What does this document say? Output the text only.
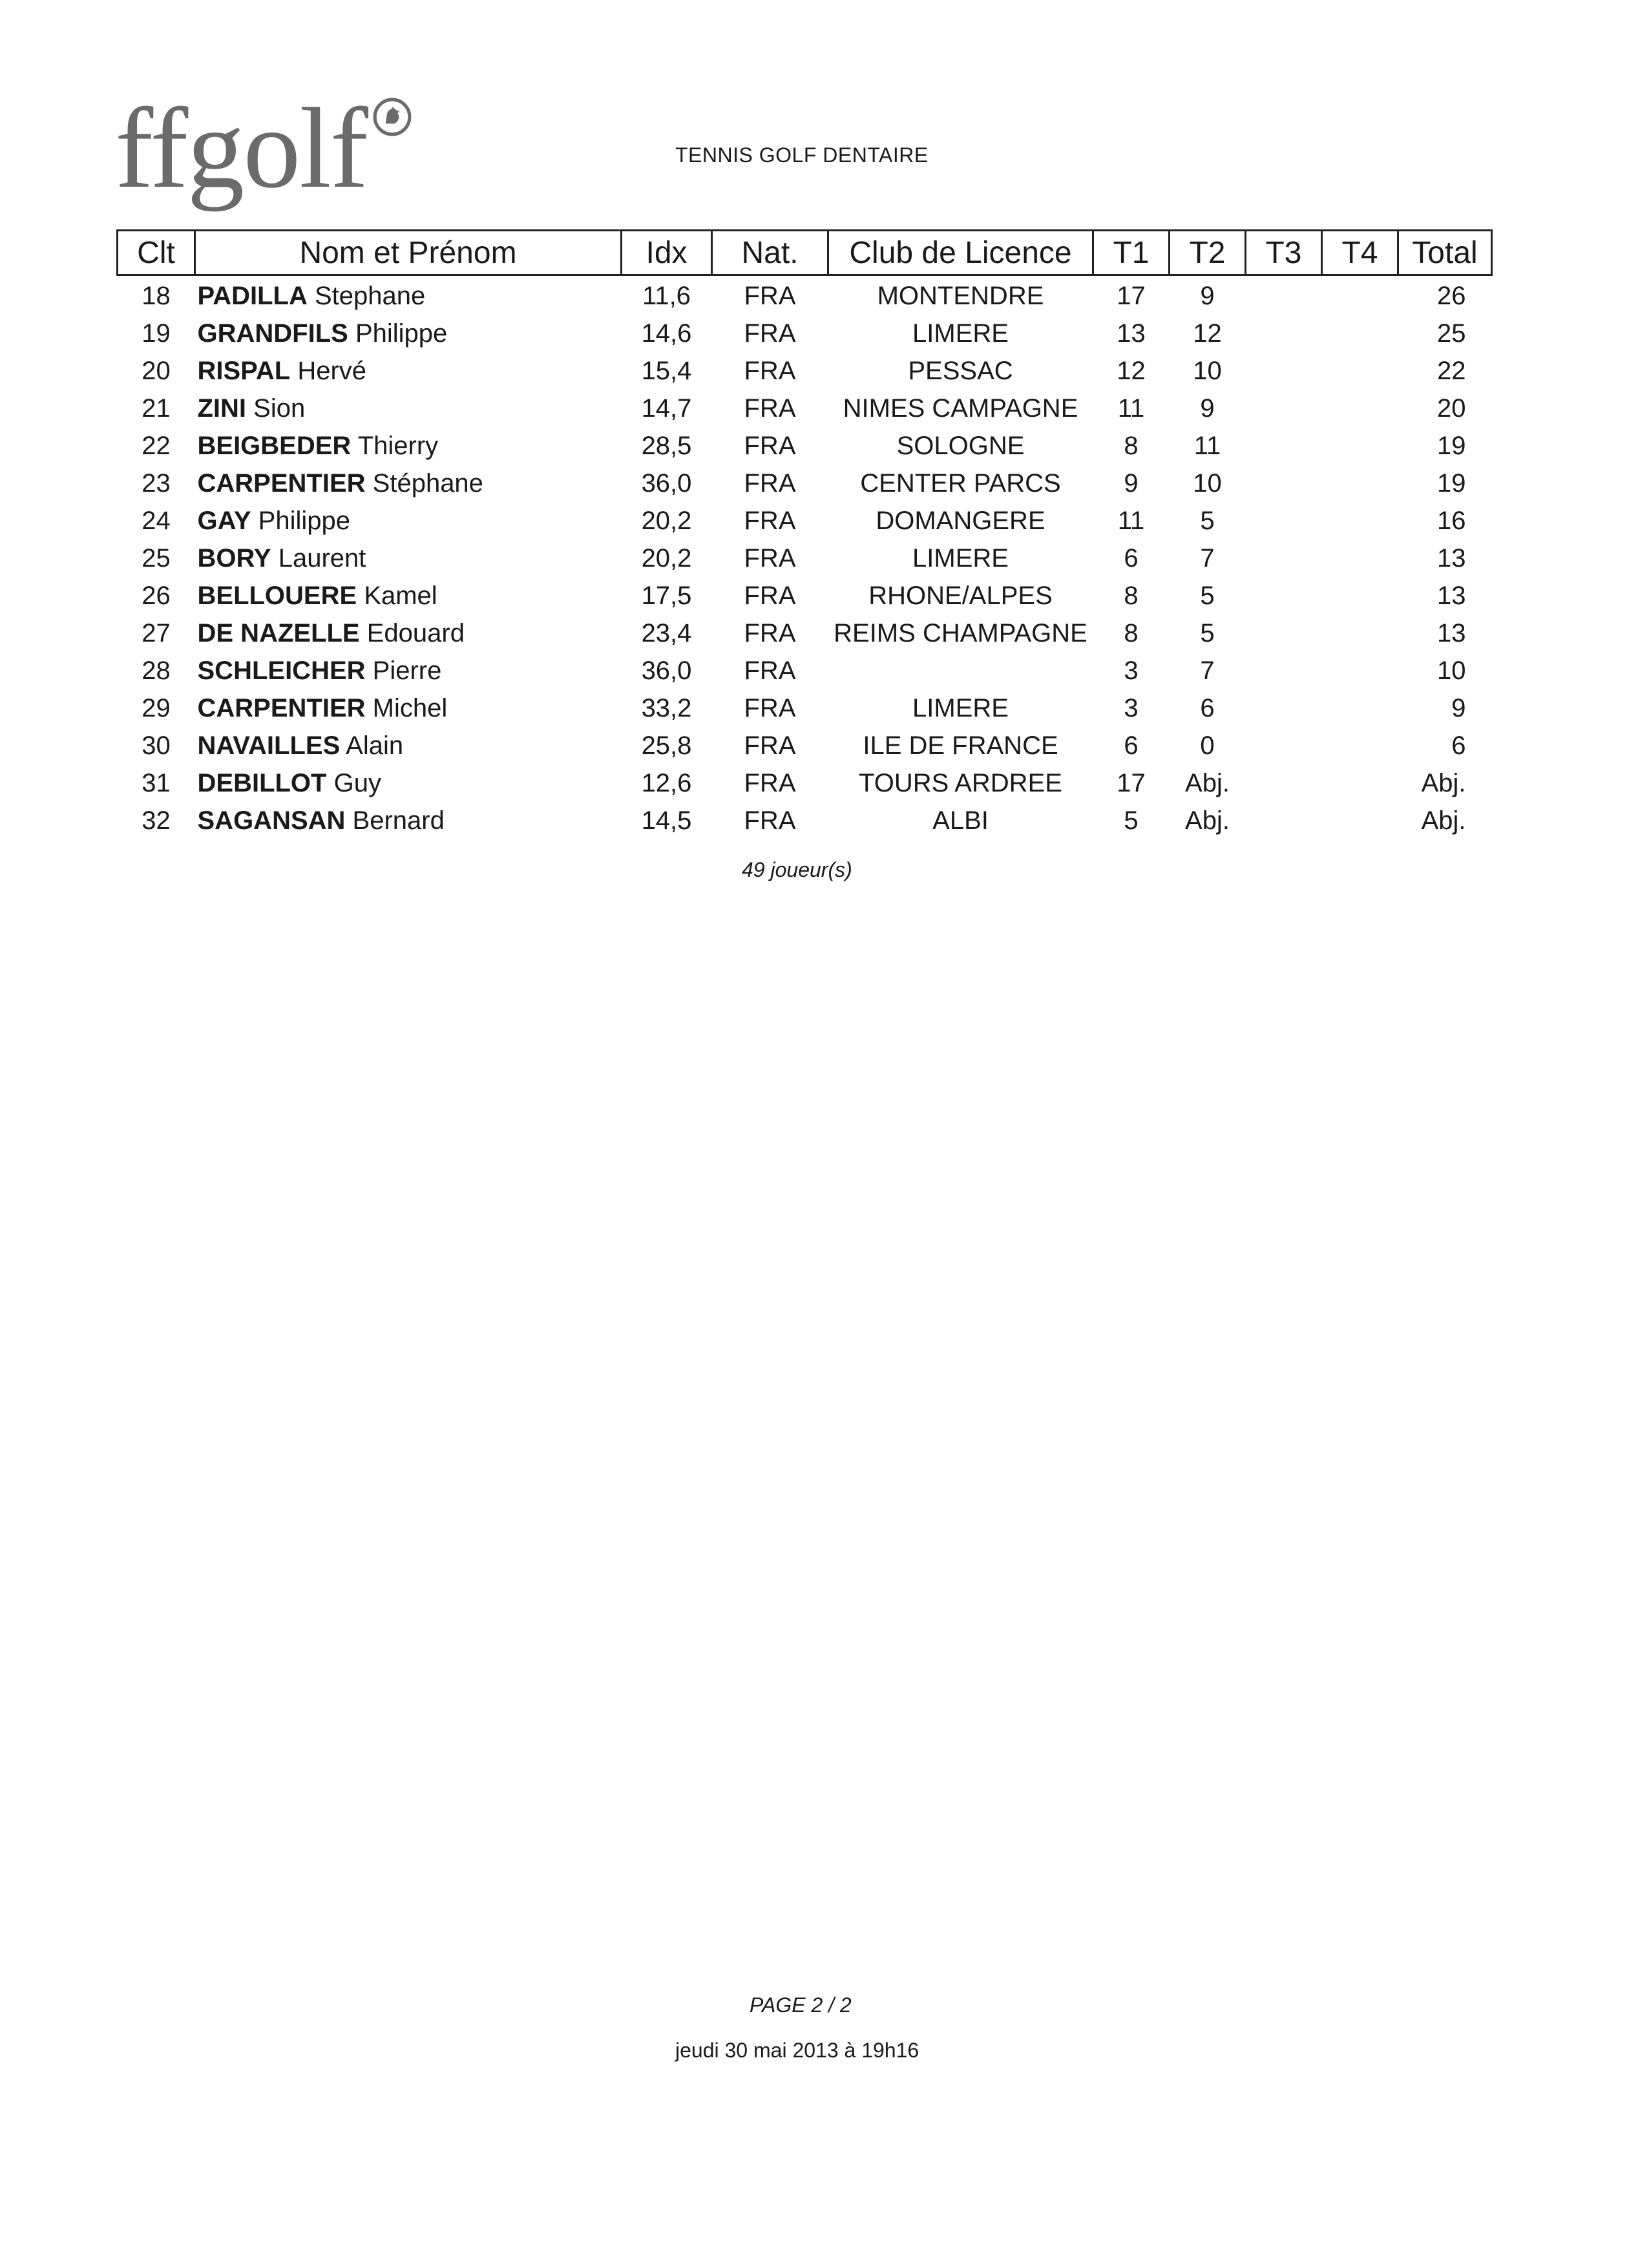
ffgolf	TENNIS GOLF DENTAIRE
Clt	Nom et Prénom	Idx	Nat.	Club de Licence	T1	T2	T3	T4	Total
18	PADILLA Stephane	11,6	FRA	MONTENDRE	17	9			26
19	GRANDFILS Philippe	14,6	FRA	LIMERE	13	12			25
20	RISPAL Hervé	15,4	FRA	PESSAC	12	10			22
21	ZINI Sion	14,7	FRA	NIMES CAMPAGNE	11	9			20
22	BEIGBEDER Thierry	28,5	FRA	SOLOGNE	8	11			19
23	CARPENTIER Stéphane	36,0	FRA	CENTER PARCS	9	10			19
24	GAY Philippe	20,2	FRA	DOMANGERE	11	5			16
25	BORY Laurent	20,2	FRA	LIMERE	6	7			13
26	BELLOUERE Kamel	17,5	FRA	RHONE/ALPES	8	5			13
27	DE NAZELLE Edouard	23,4	FRA	REIMS CHAMPAGNE	8	5			13
28	SCHLEICHER Pierre	36,0	FRA		3	7			10
29	CARPENTIER Michel	33,2	FRA	LIMERE	3	6			9
30	NAVAILLES Alain	25,8	FRA	ILE DE FRANCE	6	0			6
31	DEBILLOT Guy	12,6	FRA	TOURS ARDREE	17	Abj.			Abj.
32	SAGANSAN Bernard	14,5	FRA	ALBI	5	Abj.			Abj.
49 joueur(s)
PAGE 2 / 2
jeudi 30 mai 2013 à 19h16
